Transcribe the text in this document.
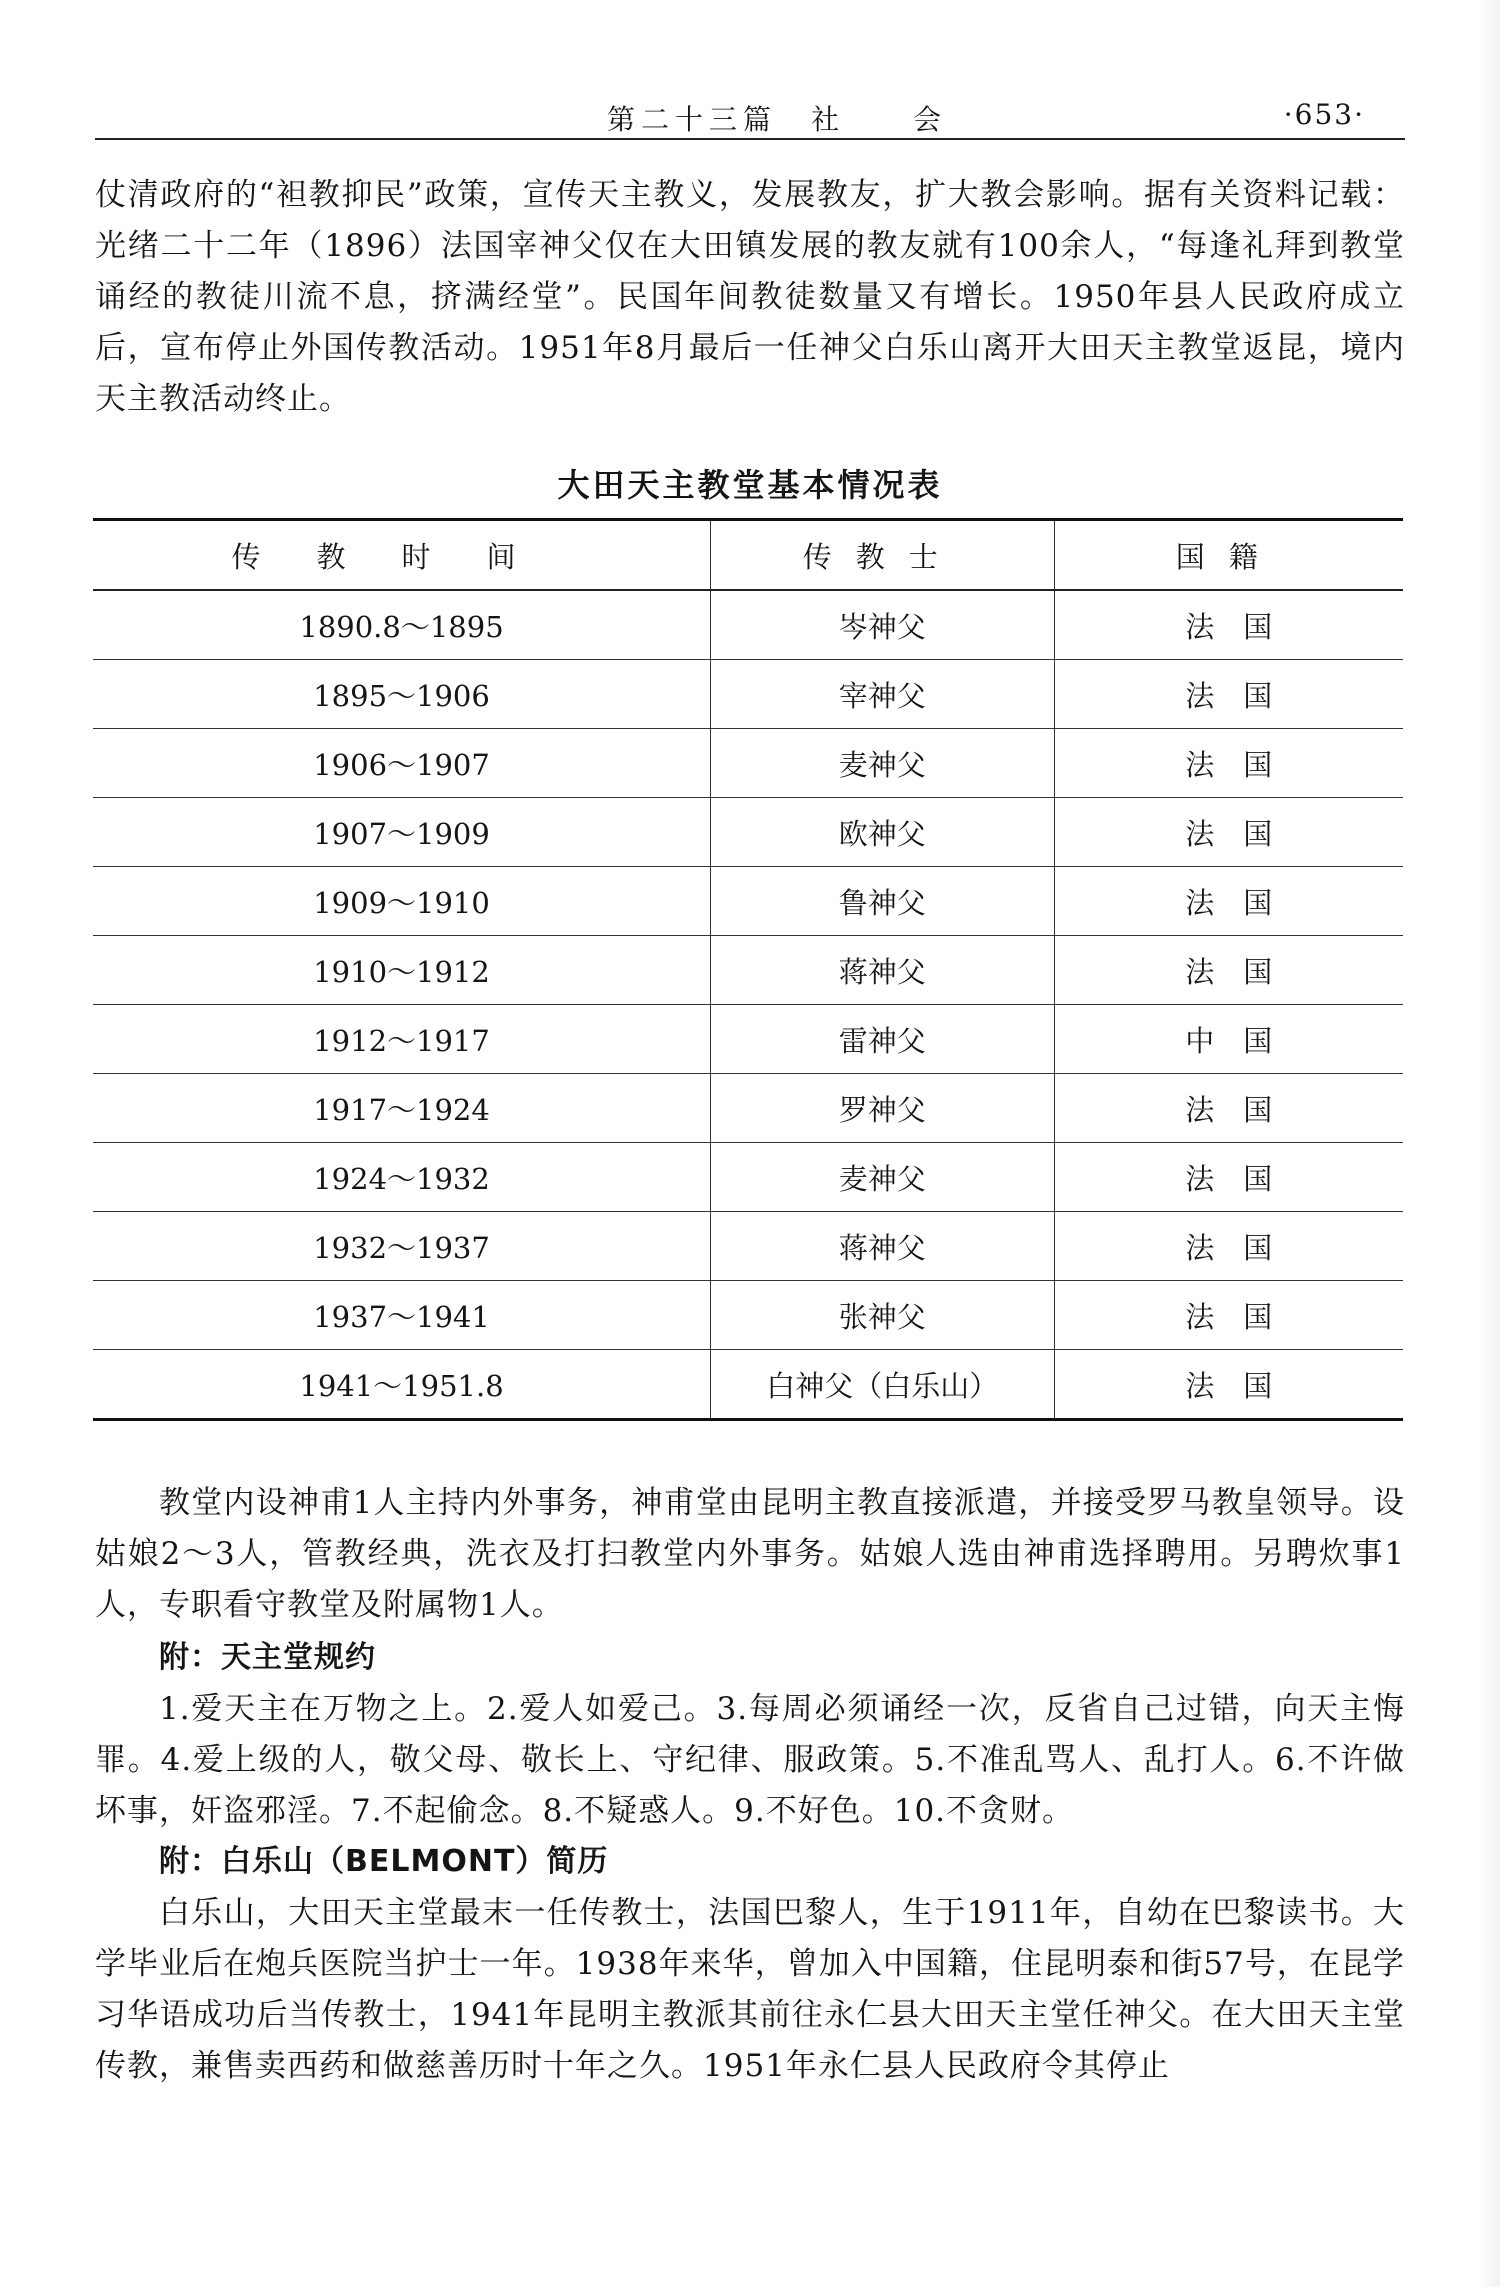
第二十三篇　社　　会	·653·

仗清政府的“袒教抑民”政策，宣传天主教义，发展教友，扩大教会影响。据有关资料记载：光绪二十二年（1896）法国宰神父仅在大田镇发展的教友就有100余人，“每逢礼拜到教堂诵经的教徒川流不息，挤满经堂”。民国年间教徒数量又有增长。1950年县人民政府成立后，宣布停止外国传教活动。1951年8月最后一任神父白乐山离开大田天主教堂返昆，境内天主教活动终止。

大田天主教堂基本情况表
传教时间	传教士	国籍
1890.8～1895	岑神父	法　国
1895～1906	宰神父	法　国
1906～1907	麦神父	法　国
1907～1909	欧神父	法　国
1909～1910	鲁神父	法　国
1910～1912	蒋神父	法　国
1912～1917	雷神父	中　国
1917～1924	罗神父	法　国
1924～1932	麦神父	法　国
1932～1937	蒋神父	法　国
1937～1941	张神父	法　国
1941～1951.8	白神父（白乐山）	法　国

教堂内设神甫1人主持内外事务，神甫堂由昆明主教直接派遣，并接受罗马教皇领导。设姑娘2～3人，管教经典，洗衣及打扫教堂内外事务。姑娘人选由神甫选择聘用。另聘炊事1人，专职看守教堂及附属物1人。

附：天主堂规约

1.爱天主在万物之上。2.爱人如爱己。3.每周必须诵经一次，反省自己过错，向天主悔罪。4.爱上级的人，敬父母、敬长上、守纪律、服政策。5.不准乱骂人、乱打人。6.不许做坏事，奸盗邪淫。7.不起偷念。8.不疑惑人。9.不好色。10.不贪财。

附：白乐山（BELMONT）简历

白乐山，大田天主堂最末一任传教士，法国巴黎人，生于1911年，自幼在巴黎读书。大学毕业后在炮兵医院当护士一年。1938年来华，曾加入中国籍，住昆明泰和街57号，在昆学习华语成功后当传教士，1941年昆明主教派其前往永仁县大田天主堂任神父。在大田天主堂传教，兼售卖西药和做慈善历时十年之久。1951年永仁县人民政府令其停止
